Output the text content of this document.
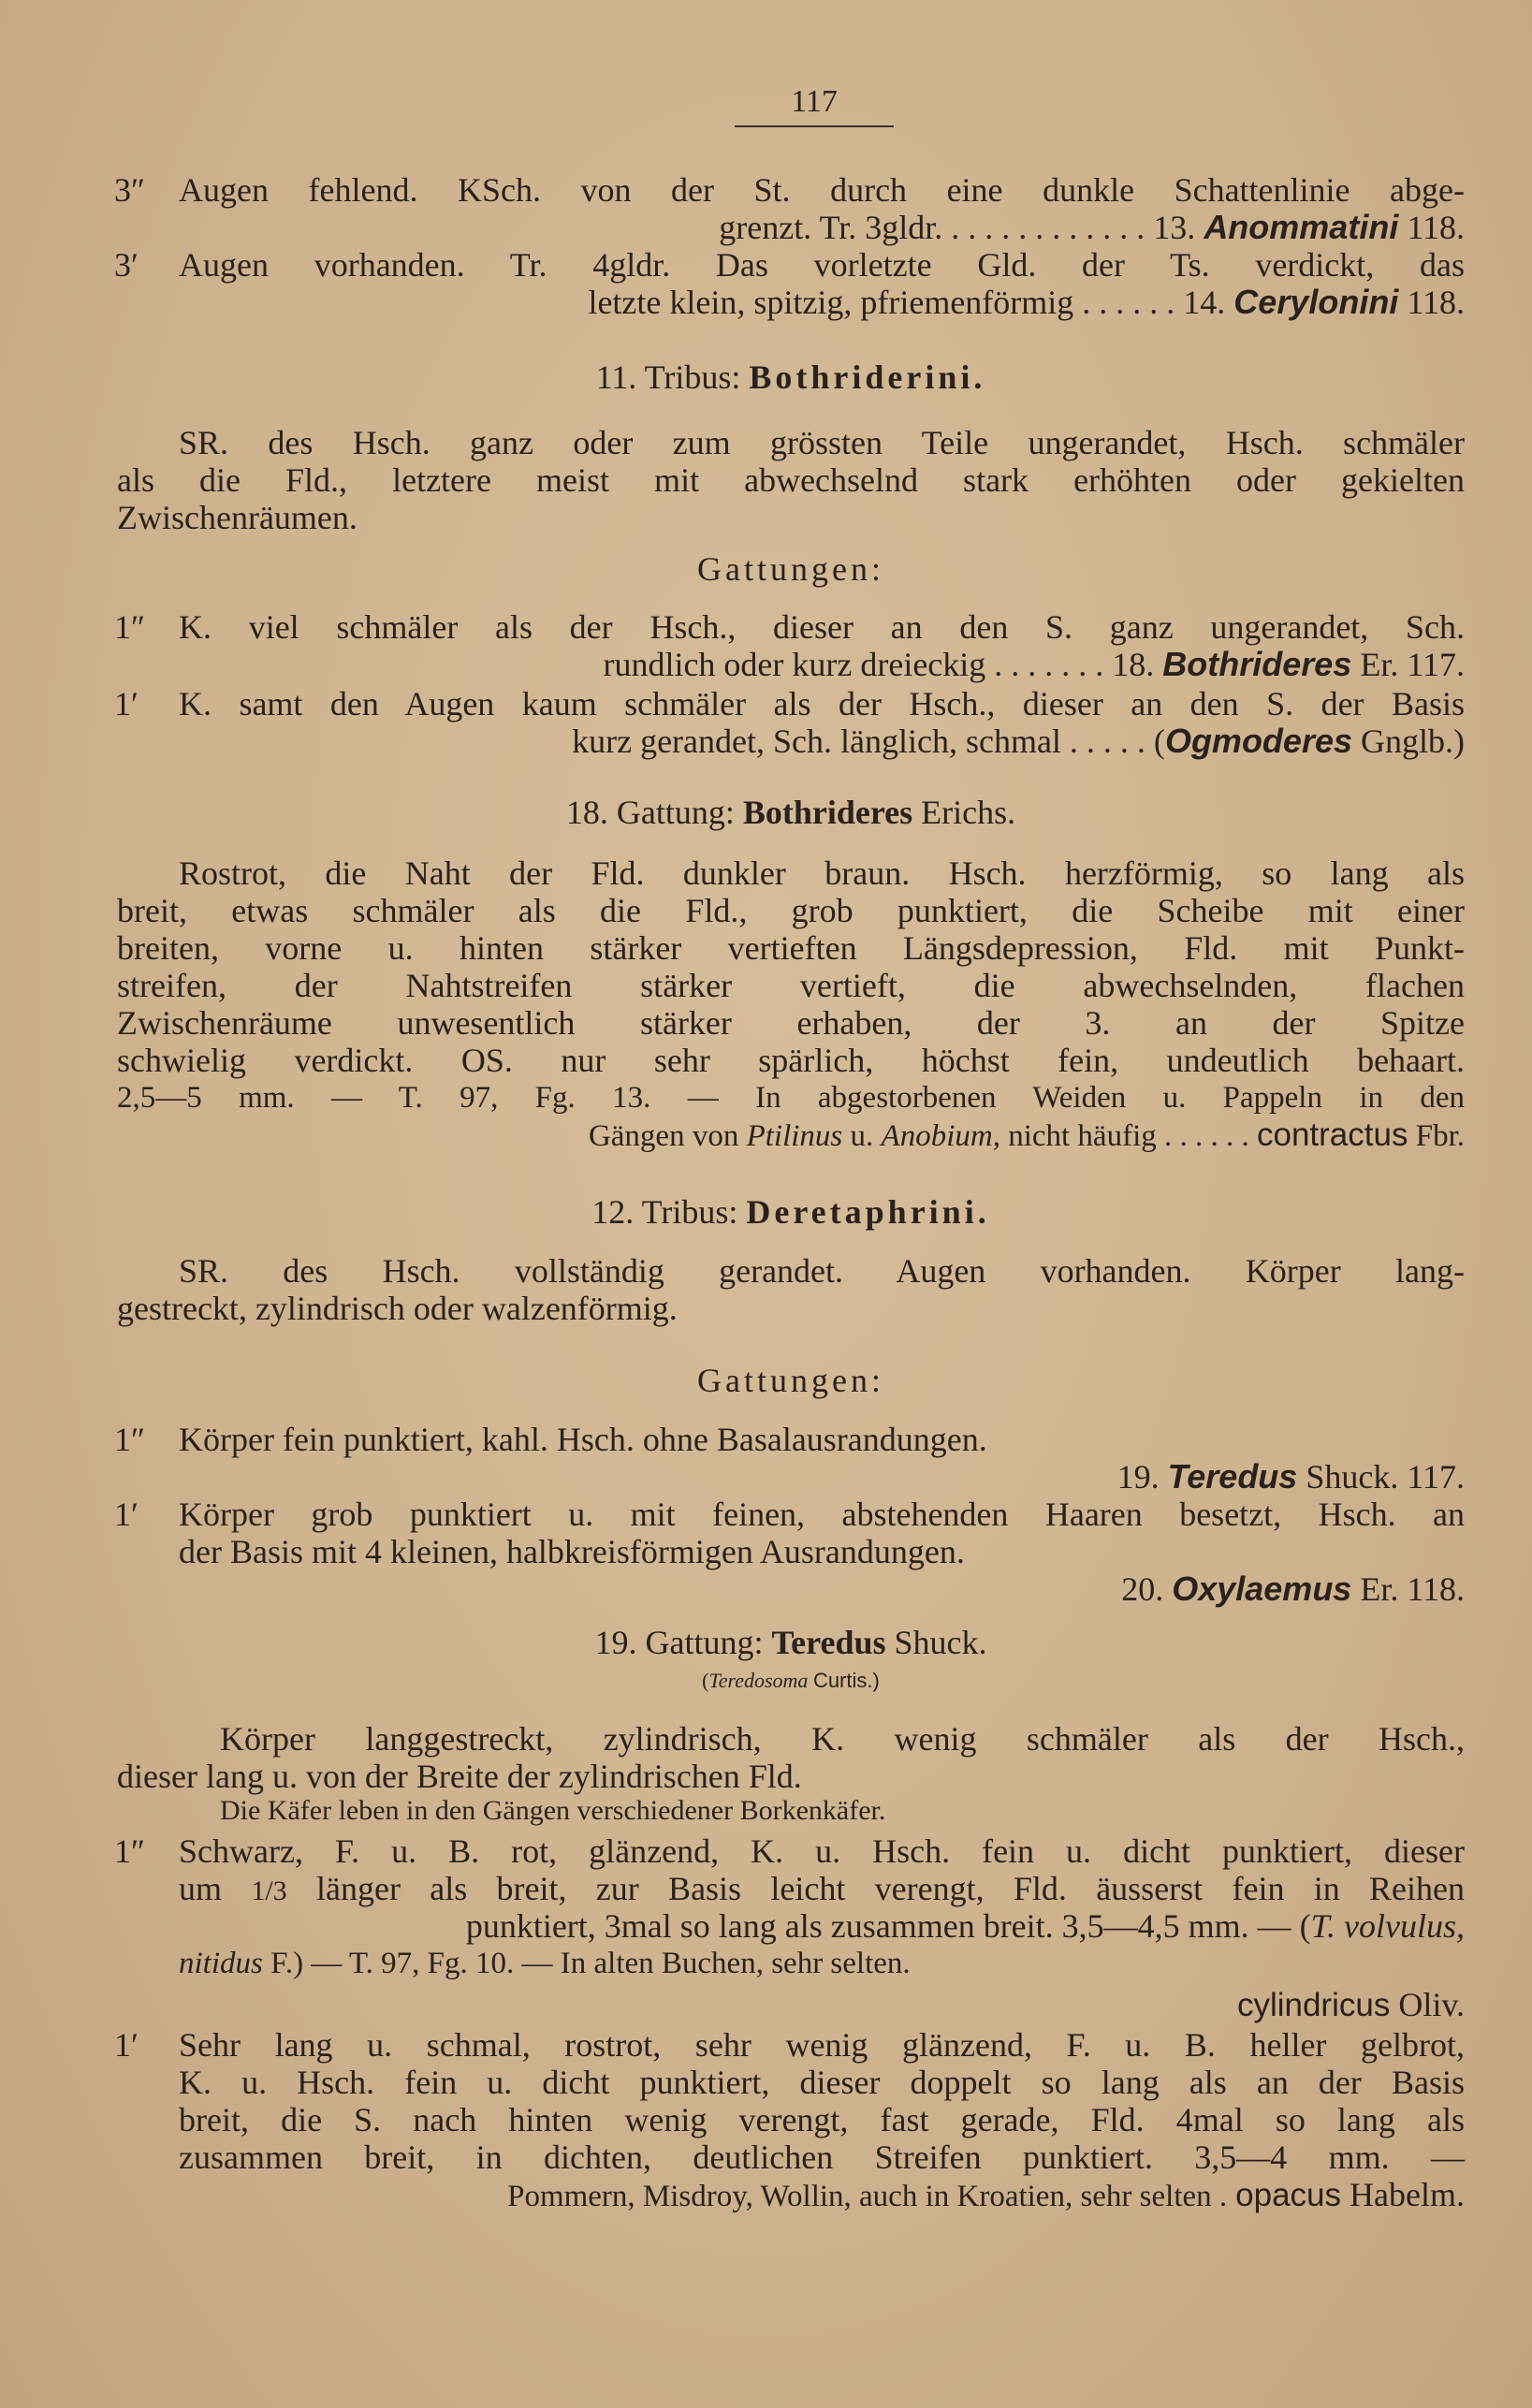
117
3″ Augen fehlend. KSch. von der St. durch eine dunkle Schattenlinie abge-
grenzt. Tr. 3gldr. . . . . . . . . . . . . 13. Anommatini 118.
3′ Augen vorhanden. Tr. 4gldr. Das vorletzte Gld. der Ts. verdickt, das
letzte klein, spitzig, pfriemenförmig . . . . . . 14. Cerylonini 118.
11. Tribus: Bothriderini.
SR. des Hsch. ganz oder zum grössten Teile ungerandet, Hsch. schmäler
als die Fld., letztere meist mit abwechselnd stark erhöhten oder gekielten
Zwischenräumen.
Gattungen:
1″ K. viel schmäler als der Hsch., dieser an den S. ganz ungerandet, Sch.
rundlich oder kurz dreieckig . . . . . . . 18. Bothrideres Er. 117.
1′ K. samt den Augen kaum schmäler als der Hsch., dieser an den S. der Basis
kurz gerandet, Sch. länglich, schmal . . . . . (Ogmoderes Gnglb.)
18. Gattung: Bothrideres Erichs.
Rostrot, die Naht der Fld. dunkler braun. Hsch. herzförmig, so lang als
breit, etwas schmäler als die Fld., grob punktiert, die Scheibe mit einer
breiten, vorne u. hinten stärker vertieften Längsdepression, Fld. mit Punkt-
streifen, der Nahtstreifen stärker vertieft, die abwechselnden, flachen
Zwischenräume unwesentlich stärker erhaben, der 3. an der Spitze
schwielig verdickt. OS. nur sehr spärlich, höchst fein, undeutlich behaart.
2,5—5 mm. — T. 97, Fg. 13. — In abgestorbenen Weiden u. Pappeln in den
Gängen von Ptilinus u. Anobium, nicht häufig . . . . . . contractus Fbr.
12. Tribus: Deretaphrini.
SR. des Hsch. vollständig gerandet. Augen vorhanden. Körper lang-
gestreckt, zylindrisch oder walzenförmig.
Gattungen:
1″ Körper fein punktiert, kahl. Hsch. ohne Basalausrandungen.
19. Teredus Shuck. 117.
1′ Körper grob punktiert u. mit feinen, abstehenden Haaren besetzt, Hsch. an
der Basis mit 4 kleinen, halbkreisförmigen Ausrandungen.
20. Oxylaemus Er. 118.
19. Gattung: Teredus Shuck.
(Teredosoma Curtis.)
Körper langgestreckt, zylindrisch, K. wenig schmäler als der Hsch.,
dieser lang u. von der Breite der zylindrischen Fld.
Die Käfer leben in den Gängen verschiedener Borkenkäfer.
1″ Schwarz, F. u. B. rot, glänzend, K. u. Hsch. fein u. dicht punktiert, dieser
um 1/3 länger als breit, zur Basis leicht verengt, Fld. äusserst fein in Reihen
punktiert, 3mal so lang als zusammen breit. 3,5—4,5 mm. — (T. volvulus,
nitidus F.) — T. 97, Fg. 10. — In alten Buchen, sehr selten.
cylindricus Oliv.
1′ Sehr lang u. schmal, rostrot, sehr wenig glänzend, F. u. B. heller gelbrot,
K. u. Hsch. fein u. dicht punktiert, dieser doppelt so lang als an der Basis
breit, die S. nach hinten wenig verengt, fast gerade, Fld. 4mal so lang als
zusammen breit, in dichten, deutlichen Streifen punktiert. 3,5—4 mm. —
Pommern, Misdroy, Wollin, auch in Kroatien, sehr selten . opacus Habelm.
